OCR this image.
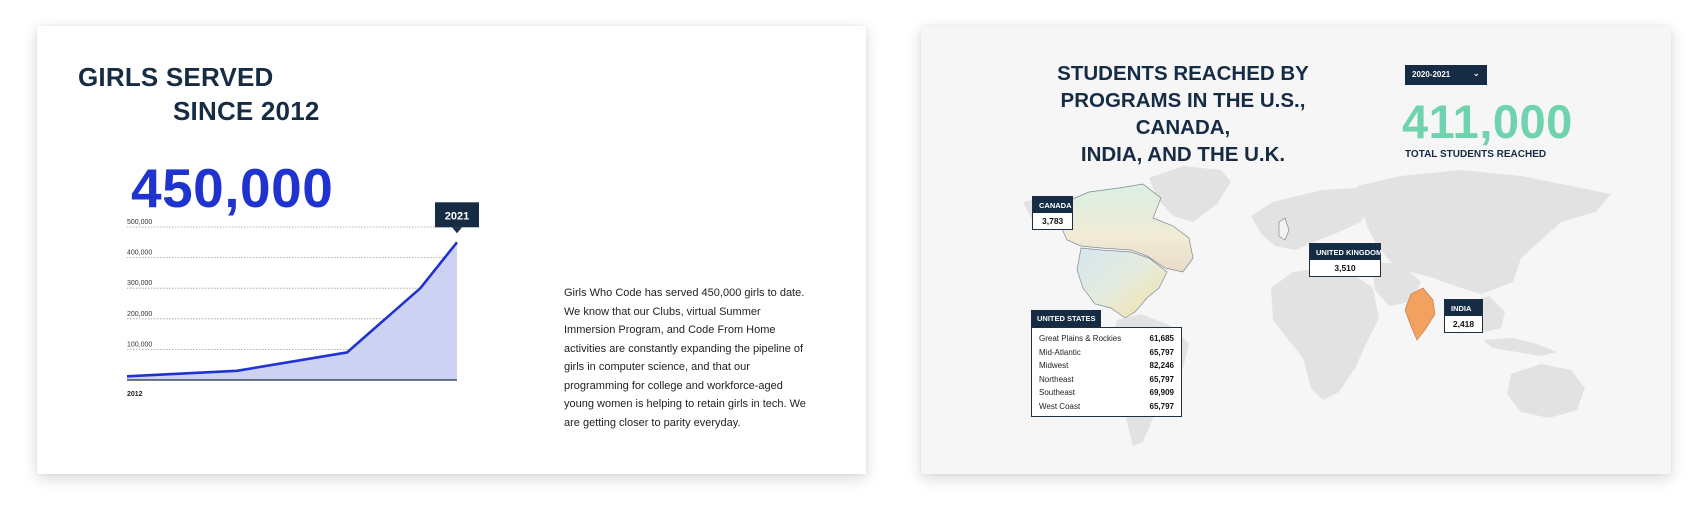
GIRLS SERVED
SINCE 2012
450,000
100,000
200,000
300,000
400,000
500,000
2012
2021
Girls Who Code has served 450,000 girls to date. We know that our Clubs, virtual Summer Immersion Program, and Code From Home activities are constantly expanding the pipeline of girls in computer science, and that our programming for college and workforce-aged young women is helping to retain girls in tech. We are getting closer to parity everyday.
STUDENTS REACHED BY
PROGRAMS IN THE U.S., CANADA,
INDIA, AND THE U.K.
2020-2021 ⌄
411,000
TOTAL STUDENTS REACHED
CANADA
3,783
UNITED KINGDOM
3,510
INDIA
2,418
UNITED STATES
Great Plains & Rockies	61,685
Mid-Atlantic	65,797
Midwest	82,246
Northeast	65,797
Southeast	69,909
West Coast	65,797
